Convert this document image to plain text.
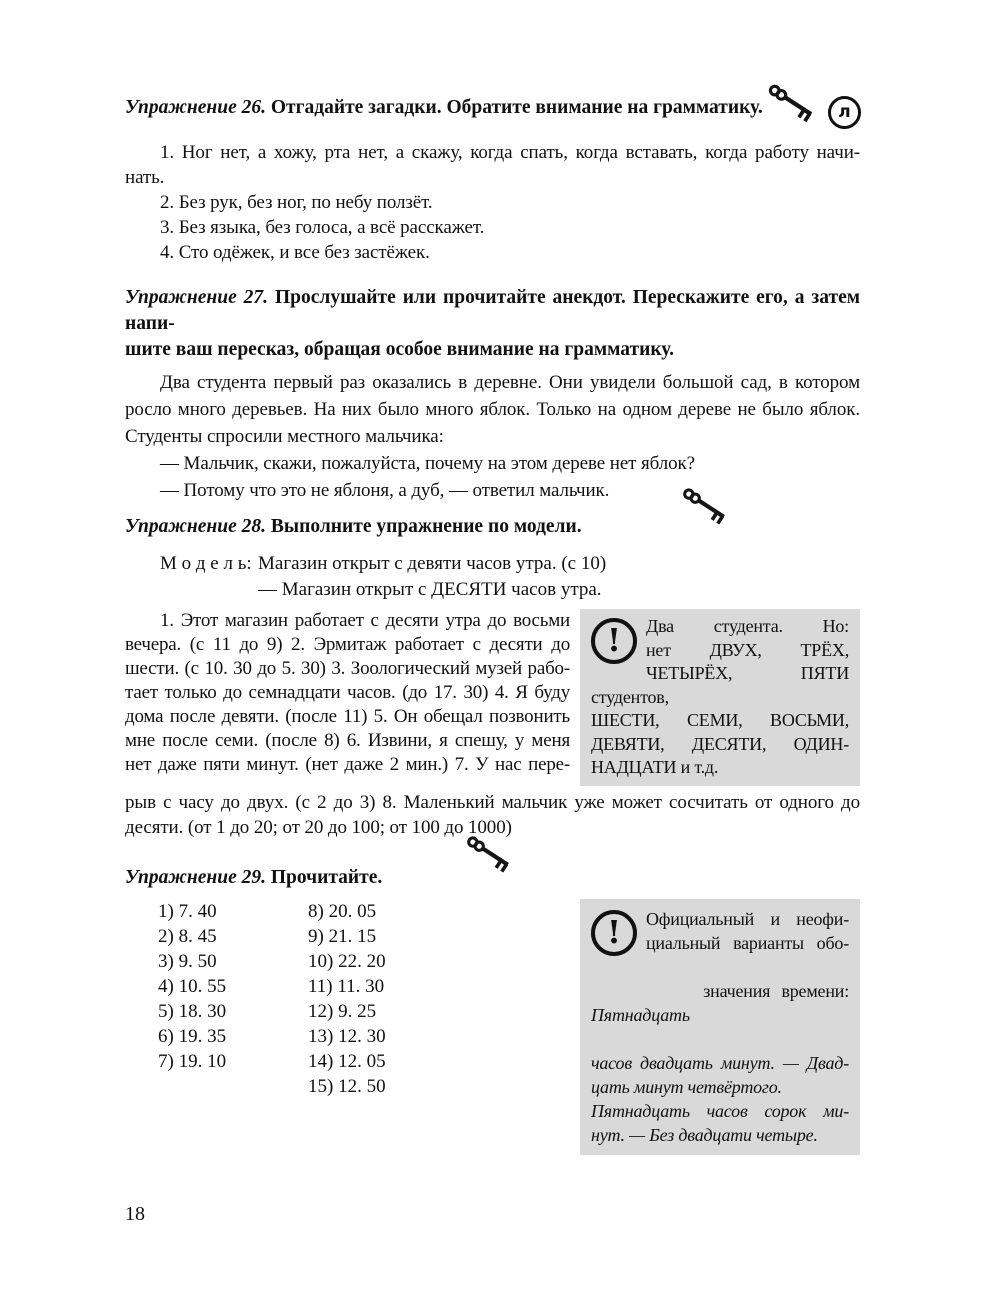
л
Упражнение 26. Отгадайте загадки. Обратите внимание на грамматику.
1. Ног нет, а хожу, рта нет, а скажу, когда спать, когда вставать, когда работу начи-
нать.
2. Без рук, без ног, по небу ползёт.
3. Без языка, без голоса, а всё расскажет.
4. Сто одёжек, и все без застёжек.
Упражнение 27. Прослушайте или прочитайте анекдот. Перескажите его, а затем напи-
шите ваш пересказ, обращая особое внимание на грамматику.
Два студента первый раз оказались в деревне. Они увидели большой сад, в котором
росло много деревьев. На них было много яблок. Только на одном дереве не было яблок.
Студенты спросили местного мальчика:
— Мальчик, скажи, пожалуйста, почему на этом дереве нет яблок?
— Потому что это не яблоня, а дуб, — ответил мальчик.
Упражнение 28. Выполните упражнение по модели.
М о д е л ь: Магазин открыт с девяти часов утра. (с 10)
— Магазин открыт с ДЕСЯТИ часов утра.
1. Этот магазин работает с десяти утра до восьми
вечера. (с 11 до 9) 2. Эрмитаж работает с десяти до
шести. (с 10. 30 до 5. 30) 3. Зоологический музей рабо-
тает только до семнадцати часов. (до 17. 30) 4. Я буду
дома после девяти. (после 11) 5. Он обещал позвонить
мне после семи. (после 8) 6. Извини, я спешу, у меня
нет даже пяти минут. (нет даже 2 мин.) 7. У нас пере-
!	Два студента. Но:
нет ДВУХ, ТРЁХ,
ЧЕТЫРЁХ, ПЯТИ студентов,
ШЕСТИ, СЕМИ, ВОСЬМИ,
ДЕВЯТИ, ДЕСЯТИ, ОДИН-
НАДЦАТИ и т.д.
рыв с часу до двух. (с 2 до 3) 8. Маленький мальчик уже может сосчитать от одного до
десяти. (от 1 до 20; от 20 до 100; от 100 до 1000)
Упражнение 29. Прочитайте.
1) 7. 40
2) 8. 45
3) 9. 50
4) 10. 55
5) 18. 30
6) 19. 35
7) 19. 10
8) 20. 05
9) 21. 15
10) 22. 20
11) 11. 30
12) 9. 25
13) 12. 30
14) 12. 05
15) 12. 50
!	Официальный и неофи-
циальный варианты обо-

значения времени: Пятнадцать

часов двадцать минут. — Двад-
цать минут четвёртого.
Пятнадцать часов сорок ми-
нут. — Без двадцати четыре.
18
